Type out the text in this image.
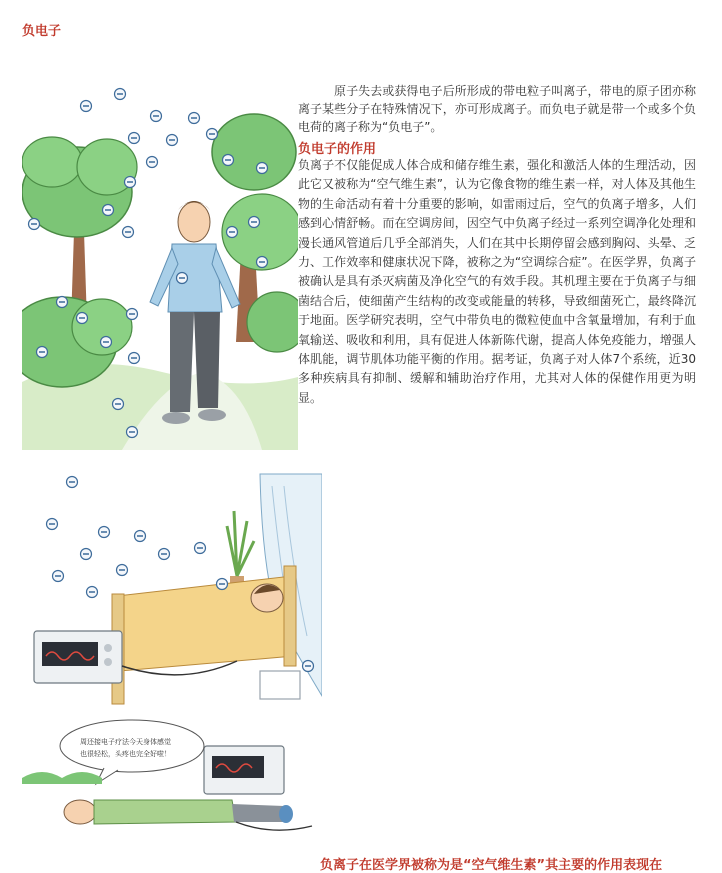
负电子

原子失去或获得电子后所形成的带电粒子叫离子，带电的原子团亦称离子某些分子在特殊情况下，亦可形成离子。而负电子就是带一个或多个负电荷的离子称为“负电子”。

负电子的作用

负离子不仅能促成人体合成和储存维生素，强化和激活人体的生理活动，因此它又被称为“空气维生素”，认为它像食物的维生素一样，对人体及其他生物的生命活动有着十分重要的影响，如雷雨过后，空气的负离子增多，人们感到心情舒畅。而在空调房间，因空气中负离子经过一系列空调净化处理和漫长通风管道后几乎全部消失，人们在其中长期停留会感到胸闷、头晕、乏力、工作效率和健康状况下降，被称之为“空调综合症”。在医学界，负离子被确认是具有杀灭病菌及净化空气的有效手段。其机理主要在于负离子与细菌结合后，使细菌产生结构的改变或能量的转移，导致细菌死亡，最终降沉于地面。医学研究表明，空气中带负电的微粒使血中含氧量增加，有利于血氧输送、吸收和利用，具有促进人体新陈代谢，提高人体免疫能力，增强人体肌能，调节肌体功能平衡的作用。据考证，负离子对人体7个系统，近30多种疾病具有抑制、缓解和辅助治疗作用，尤其对人体的保健作用更为明显。

周还接电子疗法今天身体感觉
也很轻松，头疼也完全好啦！
负离子在医学界被称为是“空气维生素”其主要的作用表现在
